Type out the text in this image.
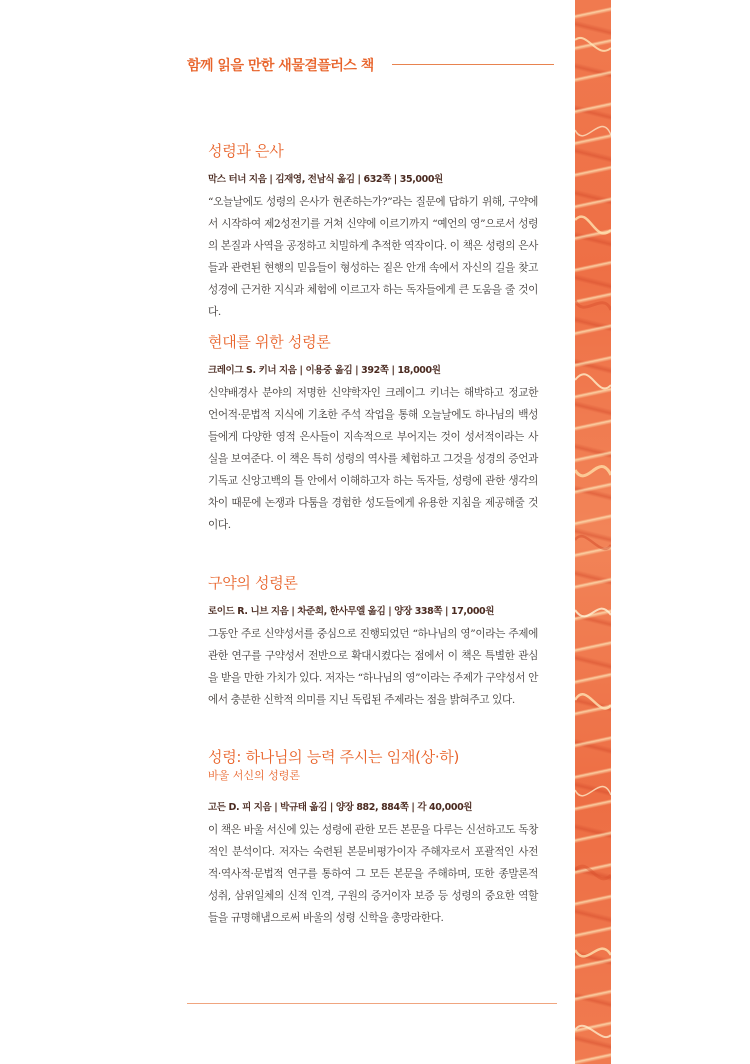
함께 읽을 만한 새물결플러스 책
성령과 은사

막스 터너 지음 | 김재영, 전남식 옮김 | 632쪽 | 35,000원

“오늘날에도 성령의 은사가 현존하는가?”라는 질문에 답하기 위해, 구약에서 시작하여 제2성전기를 거쳐 신약에 이르기까지 “예언의 영”으로서 성령의 본질과 사역을 공정하고 치밀하게 추적한 역작이다. 이 책은 성령의 은사들과 관련된 현행의 믿음들이 형성하는 짙은 안개 속에서 자신의 길을 찾고 성경에 근거한 지식과 체험에 이르고자 하는 독자들에게 큰 도움을 줄 것이다.

현대를 위한 성령론

크레이그 S. 키너 지음 | 이용중 옮김 | 392쪽 | 18,000원

신약배경사 분야의 저명한 신약학자인 크레이그 키너는 해박하고 정교한 언어적·문법적 지식에 기초한 주석 작업을 통해 오늘날에도 하나님의 백성들에게 다양한 영적 은사들이 지속적으로 부어지는 것이 성서적이라는 사실을 보여준다. 이 책은 특히 성령의 역사를 체험하고 그것을 성경의 증언과 기독교 신앙고백의 틀 안에서 이해하고자 하는 독자들, 성령에 관한 생각의 차이 때문에 논쟁과 다툼을 경험한 성도들에게 유용한 지침을 제공해줄 것이다.

구약의 성령론

로이드 R. 니브 지음 | 차준희, 한사무엘 옮김 | 양장 338쪽 | 17,000원

그동안 주로 신약성서를 중심으로 진행되었던 “하나님의 영”이라는 주제에 관한 연구를 구약성서 전반으로 확대시켰다는 점에서 이 책은 특별한 관심을 받을 만한 가치가 있다. 저자는 “하나님의 영”이라는 주제가 구약성서 안에서 충분한 신학적 의미를 지닌 독립된 주제라는 점을 밝혀주고 있다.

성령: 하나님의 능력 주시는 임재(상·하)

바울 서신의 성령론

고든 D. 피 지음 | 박규태 옮김 | 양장 882, 884쪽 | 각 40,000원

이 책은 바울 서신에 있는 성령에 관한 모든 본문을 다루는 신선하고도 독창적인 분석이다. 저자는 숙련된 본문비평가이자 주해자로서 포괄적인 사전적·역사적·문법적 연구를 통하여 그 모든 본문을 주해하며, 또한 종말론적 성취, 삼위일체의 신적 인격, 구원의 증거이자 보증 등 성령의 중요한 역할들을 규명해냄으로써 바울의 성령 신학을 총망라한다.
